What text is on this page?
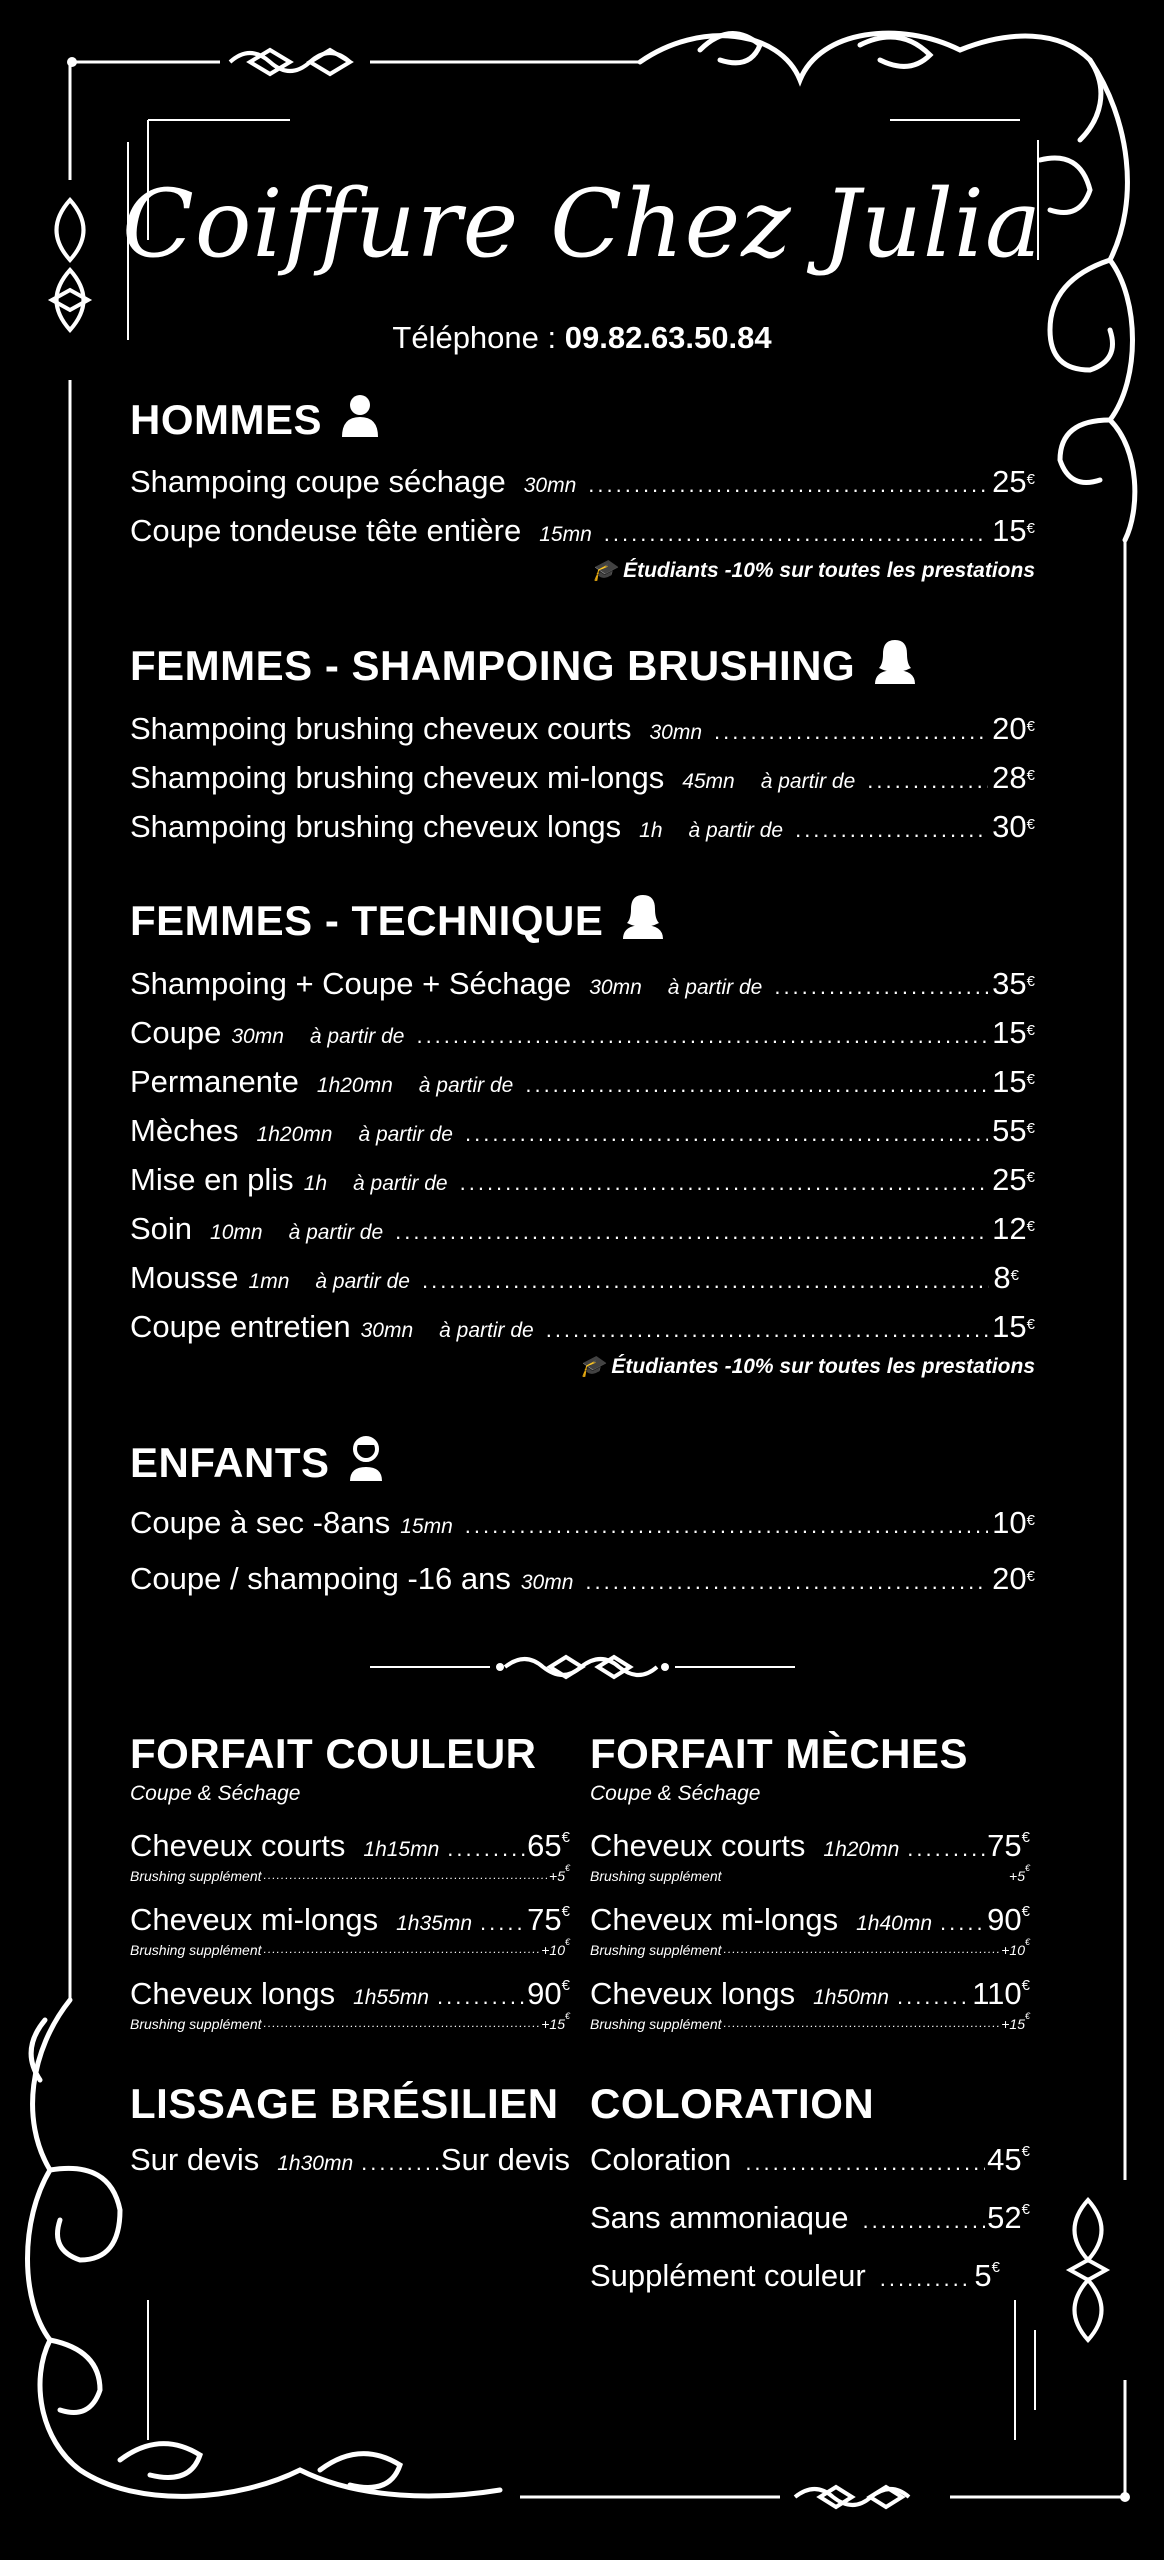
Coiffure Chez Julia
Téléphone : 09.82.63.50.84
HOMMES
Shampoing coupe séchage 30mn .....	25 €
Coupe tondeuse tête entière 15mn .....	15 €
🎓 Étudiants -10% sur toutes les prestations
FEMMES - SHAMPOING BRUSHING
Shampoing brushing cheveux courts 30mn .....	20 €
Shampoing brushing cheveux mi-longs 45mn à partir de .....	28 €
Shampoing brushing cheveux longs 1h à partir de .....	30 €
FEMMES - TECHNIQUE
Shampoing + Coupe + Séchage 30mn à partir de .....	35 €
Coupe 30mn à partir de .....	15 €
Permanente 1h20mn à partir de .....	15 €
Mèches 1h20mn à partir de .....	55 €
Mise en plis 1h à partir de .....	25 €
Soin 10mn à partir de .....	12 €
Mousse 1mn à partir de .....	8 €
Coupe entretien 30mn à partir de .....	15 €
🎓 Étudiantes -10% sur toutes les prestations
ENFANTS
Coupe à sec -8ans 15mn .....	10 €
Coupe / shampoing -16 ans 30mn .....	20 €
FORFAIT COULEUR
Coupe & Séchage
Cheveux courts 1h15mn .....	65 €
Brushing supplément .....	+5 €
Cheveux mi-longs 1h35mn ..... 75 €
Brushing supplément .....	+10 €
Cheveux longs 1h55mn .....	90 €
Brushing supplément .....	+15 €
FORFAIT MÈCHES
Coupe & Séchage
Cheveux courts 1h20mn .....	75 €
Brushing supplément	+5 €
Cheveux mi-longs 1h40mn ..... 90 €
Brushing supplément .....	+10 €
Cheveux longs 1h50mn .....	110 €
Brushing supplément .....	+15 €
LISSAGE BRÉSILIEN
Sur devis 1h30mn .....	Sur devis
COLORATION
Coloration .....	45 €
Sans ammoniaque .....	52 €
Supplément couleur .....	5 €
